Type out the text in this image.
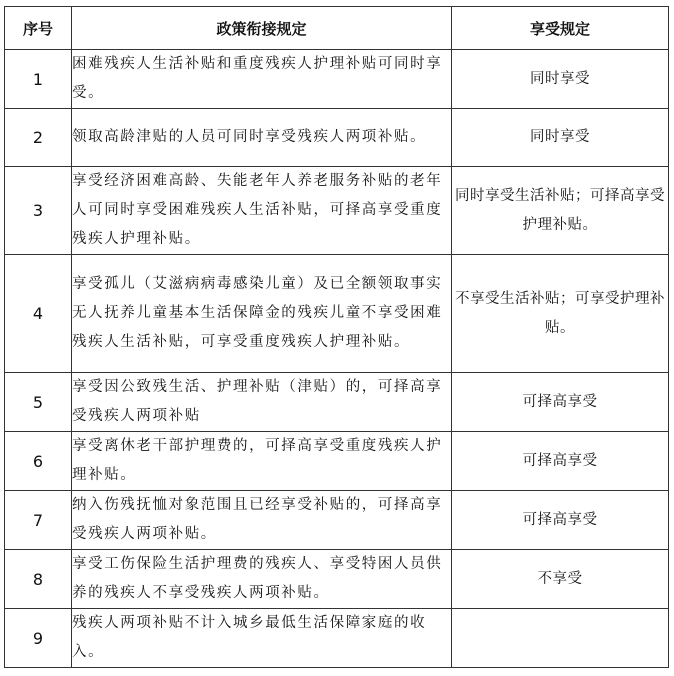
序号	政策衔接规定	享受规定
1	困难残疾人生活补贴和重度残疾人护理补贴可同时享受。	同时享受
2	领取高龄津贴的人员可同时享受残疾人两项补贴。	同时享受
3	享受经济困难高龄、失能老年人养老服务补贴的老年人可同时享受困难残疾人生活补贴，可择高享受重度残疾人护理补贴。	同时享受生活补贴；可择高享受护理补贴。
4	享受孤儿（艾滋病病毒感染儿童）及已全额领取事实无人抚养儿童基本生活保障金的残疾儿童不享受困难残疾人生活补贴，可享受重度残疾人护理补贴。	不享受生活补贴；可享受护理补贴。
5	享受因公致残生活、护理补贴（津贴）的，可择高享受残疾人两项补贴	可择高享受
6	享受离休老干部护理费的，可择高享受重度残疾人护理补贴。	可择高享受
7	纳入伤残抚恤对象范围且已经享受补贴的，可择高享受残疾人两项补贴。	可择高享受
8	享受工伤保险生活护理费的残疾人、享受特困人员供养的残疾人不享受残疾人两项补贴。	不享受
9	残疾人两项补贴不计入城乡最低生活保障家庭的收入。	
